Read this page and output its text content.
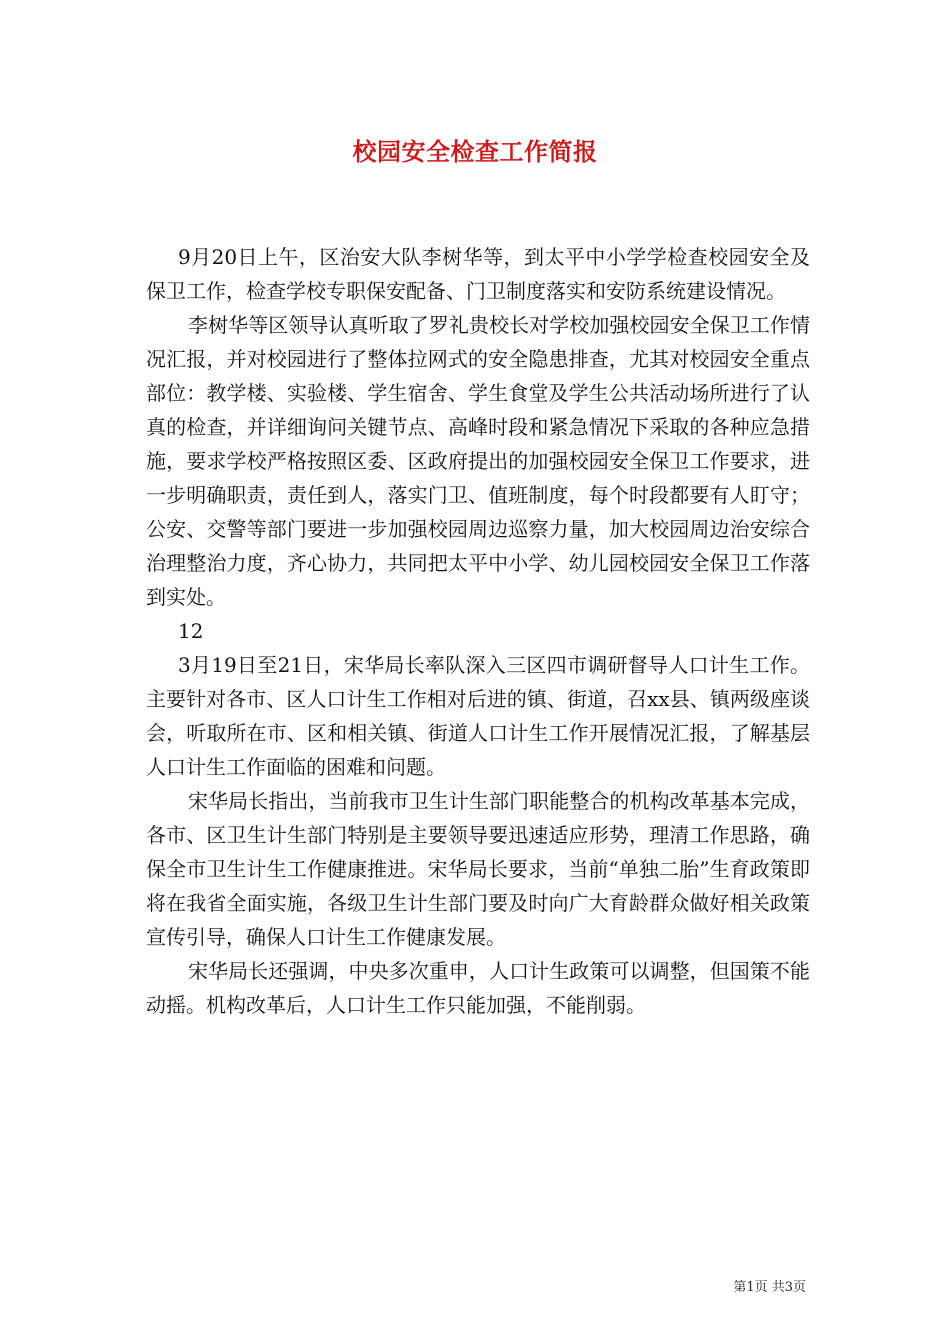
校园安全检查工作简报

9月20日上午，区治安大队李树华等，到太平中小学学检查校园安全及保卫工作，检查学校专职保安配备、门卫制度落实和安防系统建设情况。

李树华等区领导认真听取了罗礼贵校长对学校加强校园安全保卫工作情况汇报，并对校园进行了整体拉网式的安全隐患排查，尤其对校园安全重点部位：教学楼、实验楼、学生宿舍、学生食堂及学生公共活动场所进行了认真的检查，并详细询问关键节点、高峰时段和紧急情况下采取的各种应急措施，要求学校严格按照区委、区政府提出的加强校园安全保卫工作要求，进一步明确职责，责任到人，落实门卫、值班制度，每个时段都要有人盯守；公安、交警等部门要进一步加强校园周边巡察力量，加大校园周边治安综合治理整治力度，齐心协力，共同把太平中小学、幼儿园校园安全保卫工作落到实处。

12

3月19日至21日，宋华局长率队深入三区四市调研督导人口计生工作。主要针对各市、区人口计生工作相对后进的镇、街道，召xx县、镇两级座谈会，听取所在市、区和相关镇、街道人口计生工作开展情况汇报，了解基层人口计生工作面临的困难和问题。

宋华局长指出，当前我市卫生计生部门职能整合的机构改革基本完成，各市、区卫生计生部门特别是主要领导要迅速适应形势，理清工作思路，确保全市卫生计生工作健康推进。宋华局长要求，当前“单独二胎”生育政策即将在我省全面实施，各级卫生计生部门要及时向广大育龄群众做好相关政策宣传引导，确保人口计生工作健康发展。

宋华局长还强调，中央多次重申，人口计生政策可以调整，但国策不能动摇。机构改革后，人口计生工作只能加强，不能削弱。

第1页 共3页
